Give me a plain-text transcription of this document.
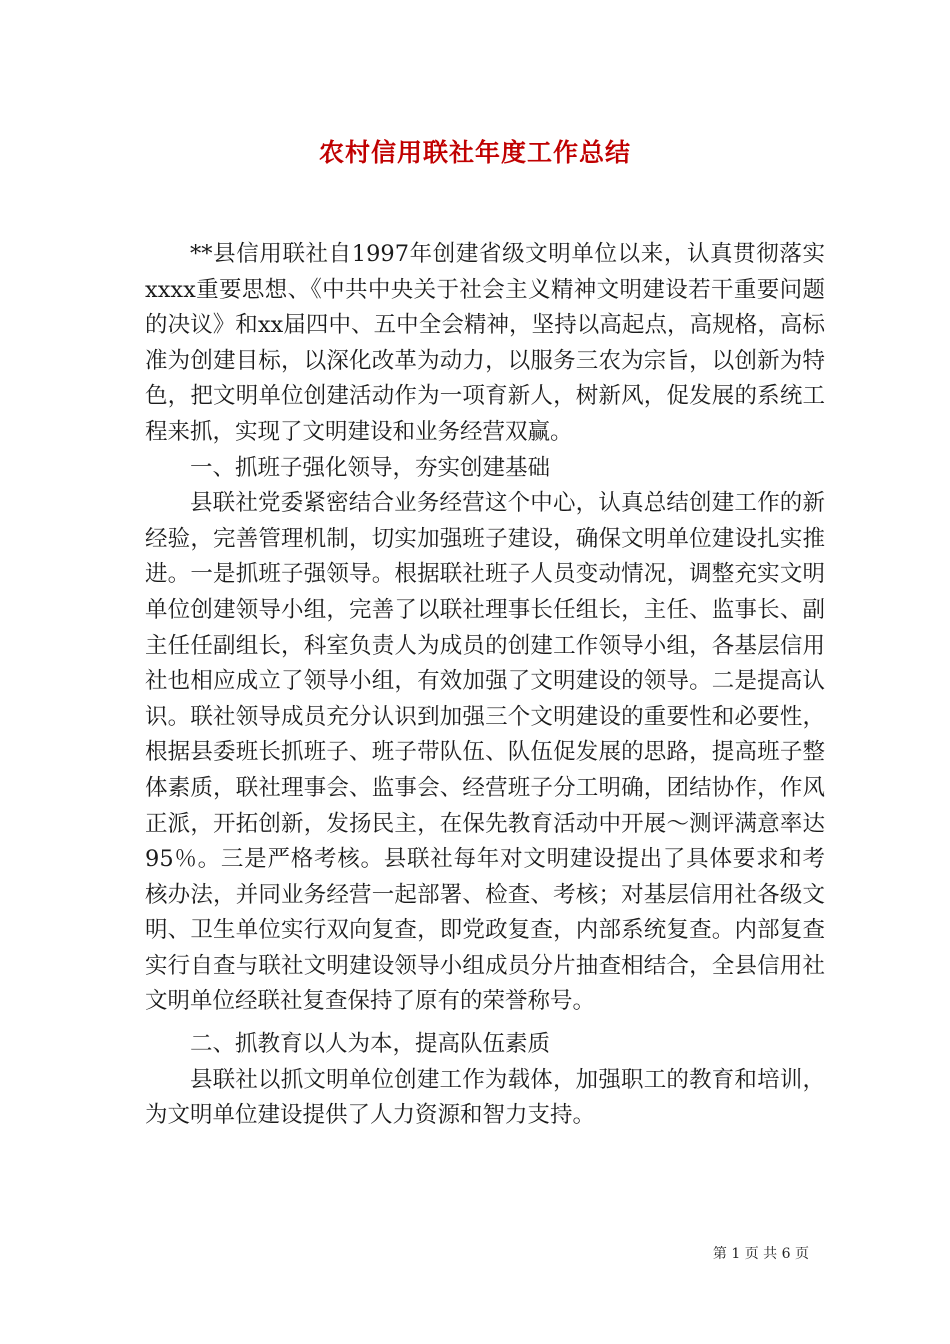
农村信用联社年度工作总结

**县信用联社自1997年创建省级文明单位以来，认真贯彻落实xxxx重要思想、《中共中央关于社会主义精神文明建设若干重要问题的决议》和xx届四中、五中全会精神，坚持以高起点，高规格，高标准为创建目标，以深化改革为动力，以服务三农为宗旨，以创新为特色，把文明单位创建活动作为一项育新人，树新风，促发展的系统工程来抓，实现了文明建设和业务经营双赢。

一、抓班子强化领导，夯实创建基础

县联社党委紧密结合业务经营这个中心，认真总结创建工作的新经验，完善管理机制，切实加强班子建设，确保文明单位建设扎实推进。一是抓班子强领导。根据联社班子人员变动情况，调整充实文明单位创建领导小组，完善了以联社理事长任组长，主任、监事长、副主任任副组长，科室负责人为成员的创建工作领导小组，各基层信用社也相应成立了领导小组，有效加强了文明建设的领导。二是提高认识。联社领导成员充分认识到加强三个文明建设的重要性和必要性，根据县委班长抓班子、班子带队伍、队伍促发展的思路，提高班子整体素质，联社理事会、监事会、经营班子分工明确，团结协作，作风正派，开拓创新，发扬民主，在保先教育活动中开展～测评满意率达95％。三是严格考核。县联社每年对文明建设提出了具体要求和考核办法，并同业务经营一起部署、检查、考核；对基层信用社各级文明、卫生单位实行双向复查，即党政复查，内部系统复查。内部复查实行自查与联社文明建设领导小组成员分片抽查相结合，全县信用社文明单位经联社复查保持了原有的荣誉称号。

二、抓教育以人为本，提高队伍素质

县联社以抓文明单位创建工作为载体，加强职工的教育和培训，为文明单位建设提供了人力资源和智力支持。

第 1 页 共 6 页
